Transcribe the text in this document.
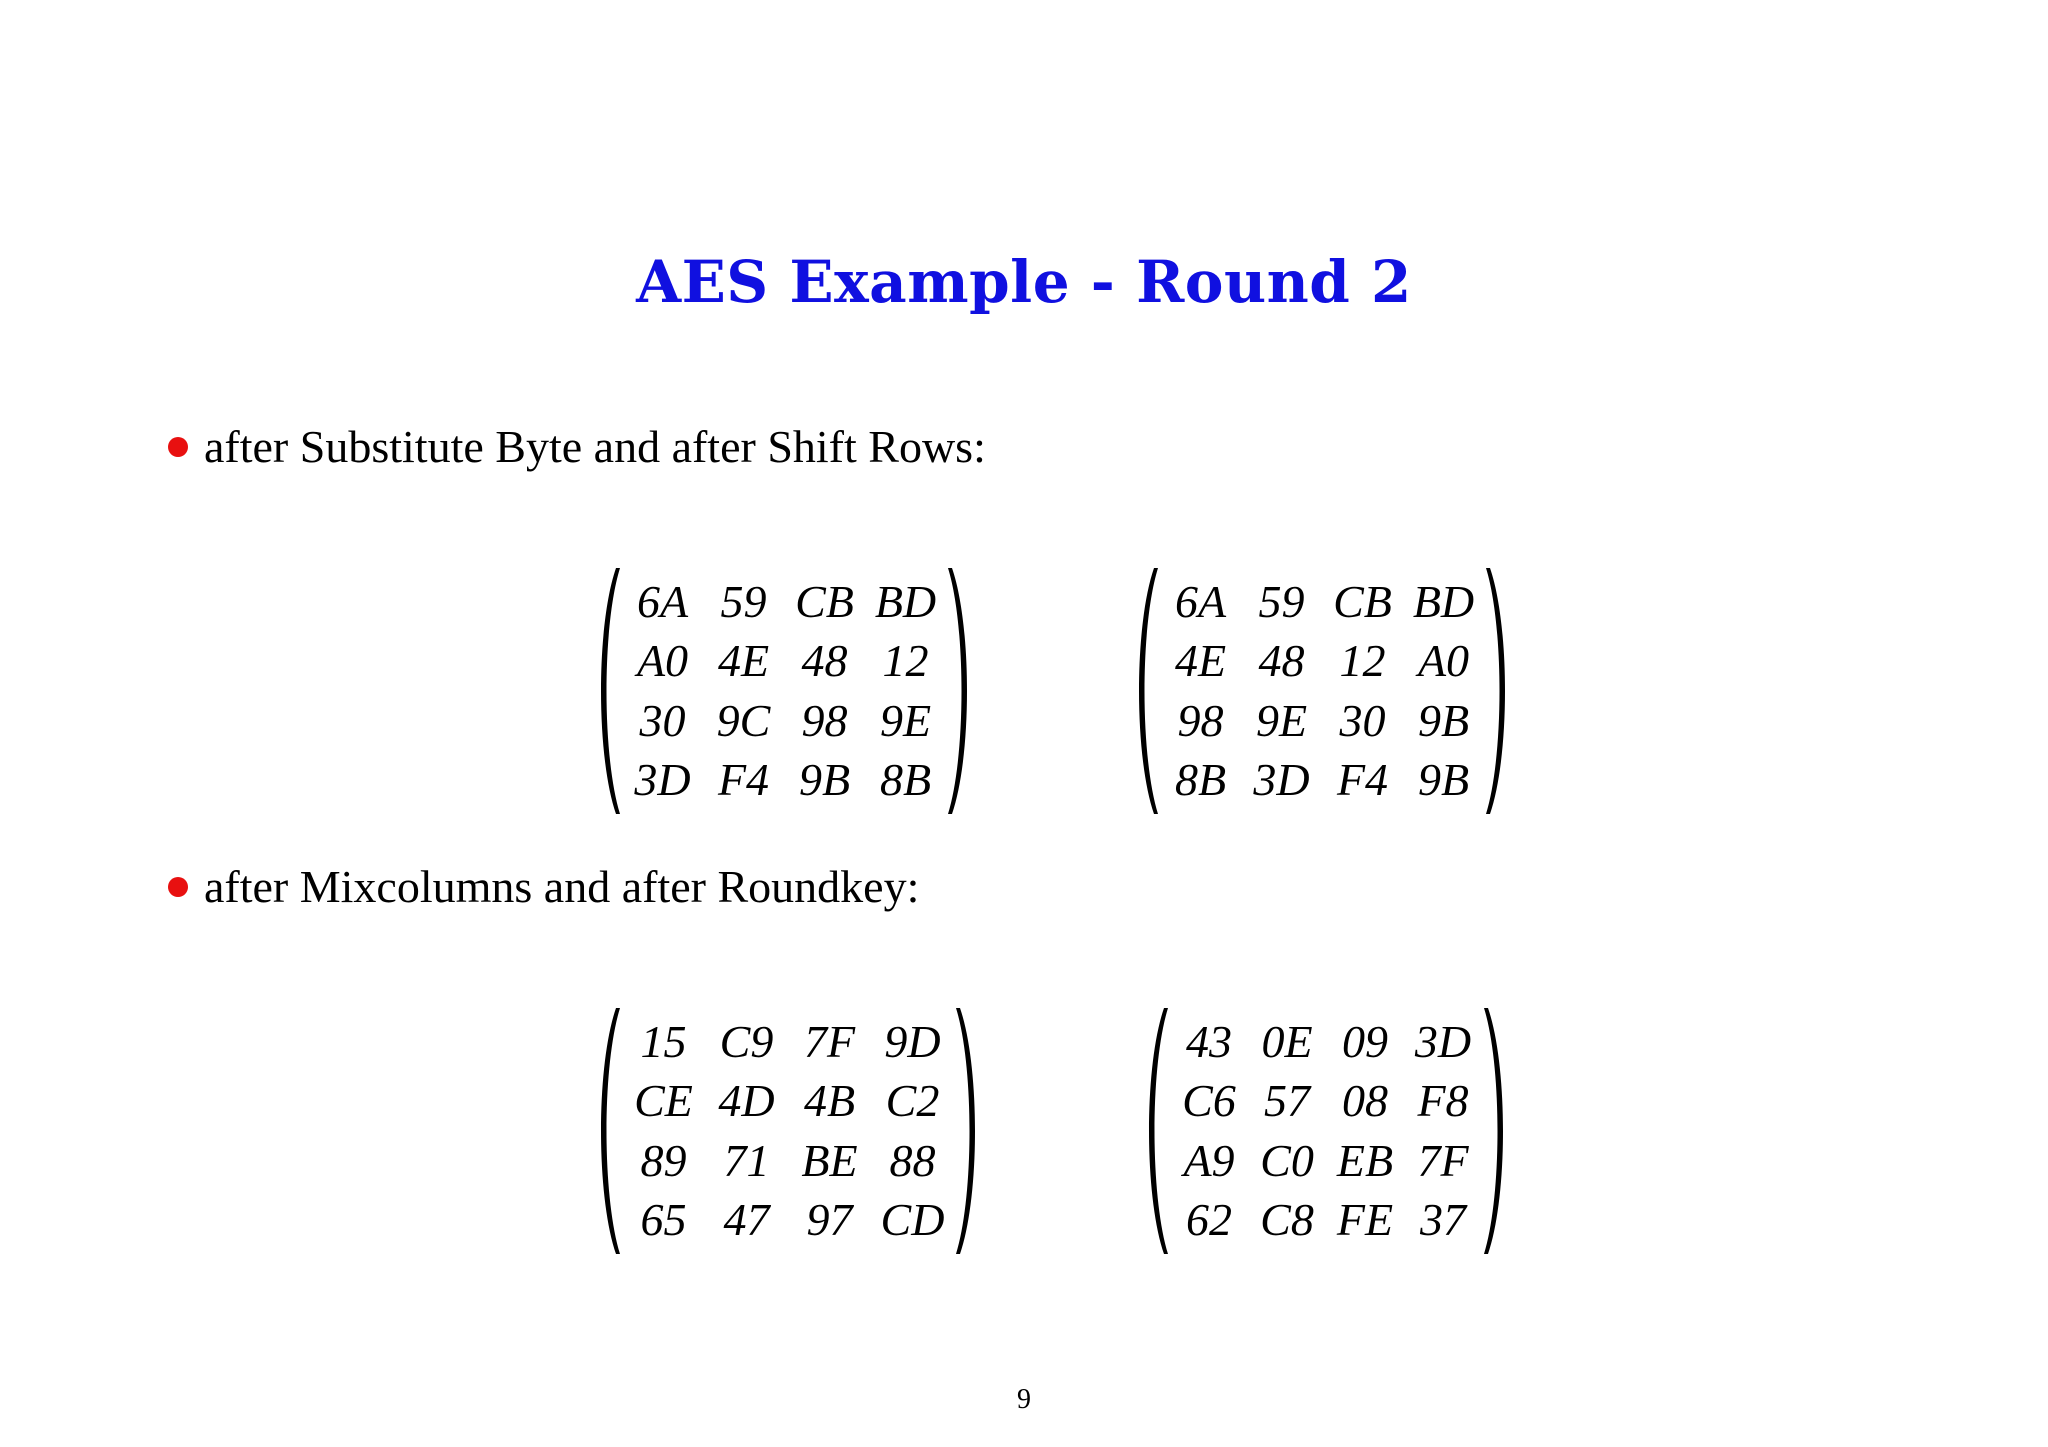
AES Example - Round 2
after Substitute Byte and after Shift Rows:
6A 59 CB BD
A0 4E 48 12
30 9C 98 9E
3D F4 9B 8B
6A 59 CB BD
4E 48 12 A0
98 9E 30 9B
8B 3D F4 9B
after Mixcolumns and after Roundkey:
15 C9 7F 9D
CE 4D 4B C2
89 71 BE 88
65 47 97 CD
43 0E 09 3D
C6 57 08 F8
A9 C0 EB 7F
62 C8 FE 37
9
